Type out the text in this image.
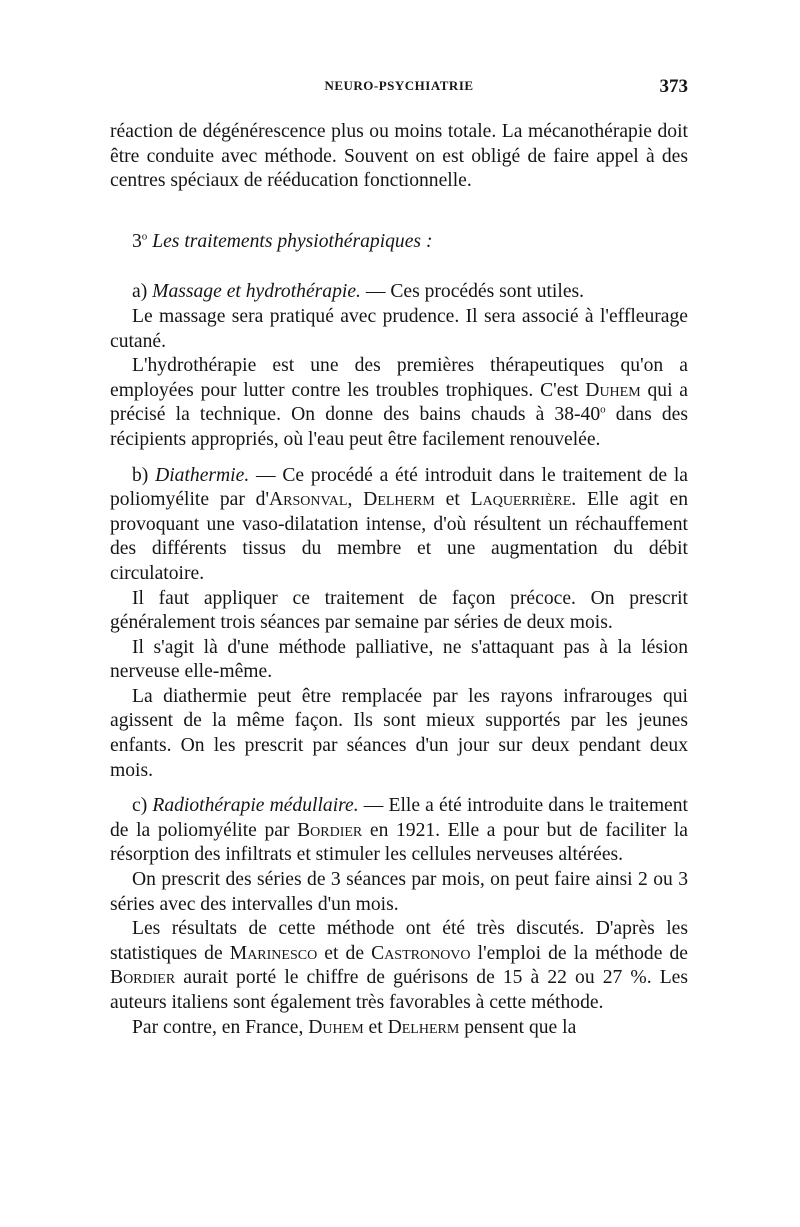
NEURO-PSYCHIATRIE	373

réaction de dégénérescence plus ou moins totale. La mécanothérapie doit être conduite avec méthode. Souvent on est obligé de faire appel à des centres spéciaux de rééducation fonctionnelle.

3$^o$ Les traitements physiothérapiques :

a) Massage et hydrothérapie. — Ces procédés sont utiles.

Le massage sera pratiqué avec prudence. Il sera associé à l'effleurage cutané.

L'hydrothérapie est une des premières thérapeutiques qu'on a employées pour lutter contre les troubles trophiques. C'est Duhem qui a précisé la technique. On donne des bains chauds à 38-40$^o$ dans des récipients appropriés, où l'eau peut être facilement renouvelée.

b) Diathermie. — Ce procédé a été introduit dans le traitement de la poliomyélite par d'Arsonval, Delherm et Laquerrière. Elle agit en provoquant une vaso-dilatation intense, d'où résultent un réchauffement des différents tissus du membre et une augmentation du débit circulatoire.

Il faut appliquer ce traitement de façon précoce. On prescrit généralement trois séances par semaine par séries de deux mois.

Il s'agit là d'une méthode palliative, ne s'attaquant pas à la lésion nerveuse elle-même.

La diathermie peut être remplacée par les rayons infrarouges qui agissent de la même façon. Ils sont mieux supportés par les jeunes enfants. On les prescrit par séances d'un jour sur deux pendant deux mois.

c) Radiothérapie médullaire. — Elle a été introduite dans le traitement de la poliomyélite par Bordier en 1921. Elle a pour but de faciliter la résorption des infiltrats et stimuler les cellules nerveuses altérées.

On prescrit des séries de 3 séances par mois, on peut faire ainsi 2 ou 3 séries avec des intervalles d'un mois.

Les résultats de cette méthode ont été très discutés. D'après les statistiques de Marinesco et de Castronovo l'emploi de la méthode de Bordier aurait porté le chiffre de guérisons de 15 à 22 ou 27 %. Les auteurs italiens sont également très favorables à cette méthode.

Par contre, en France, Duhem et Delherm pensent que la
